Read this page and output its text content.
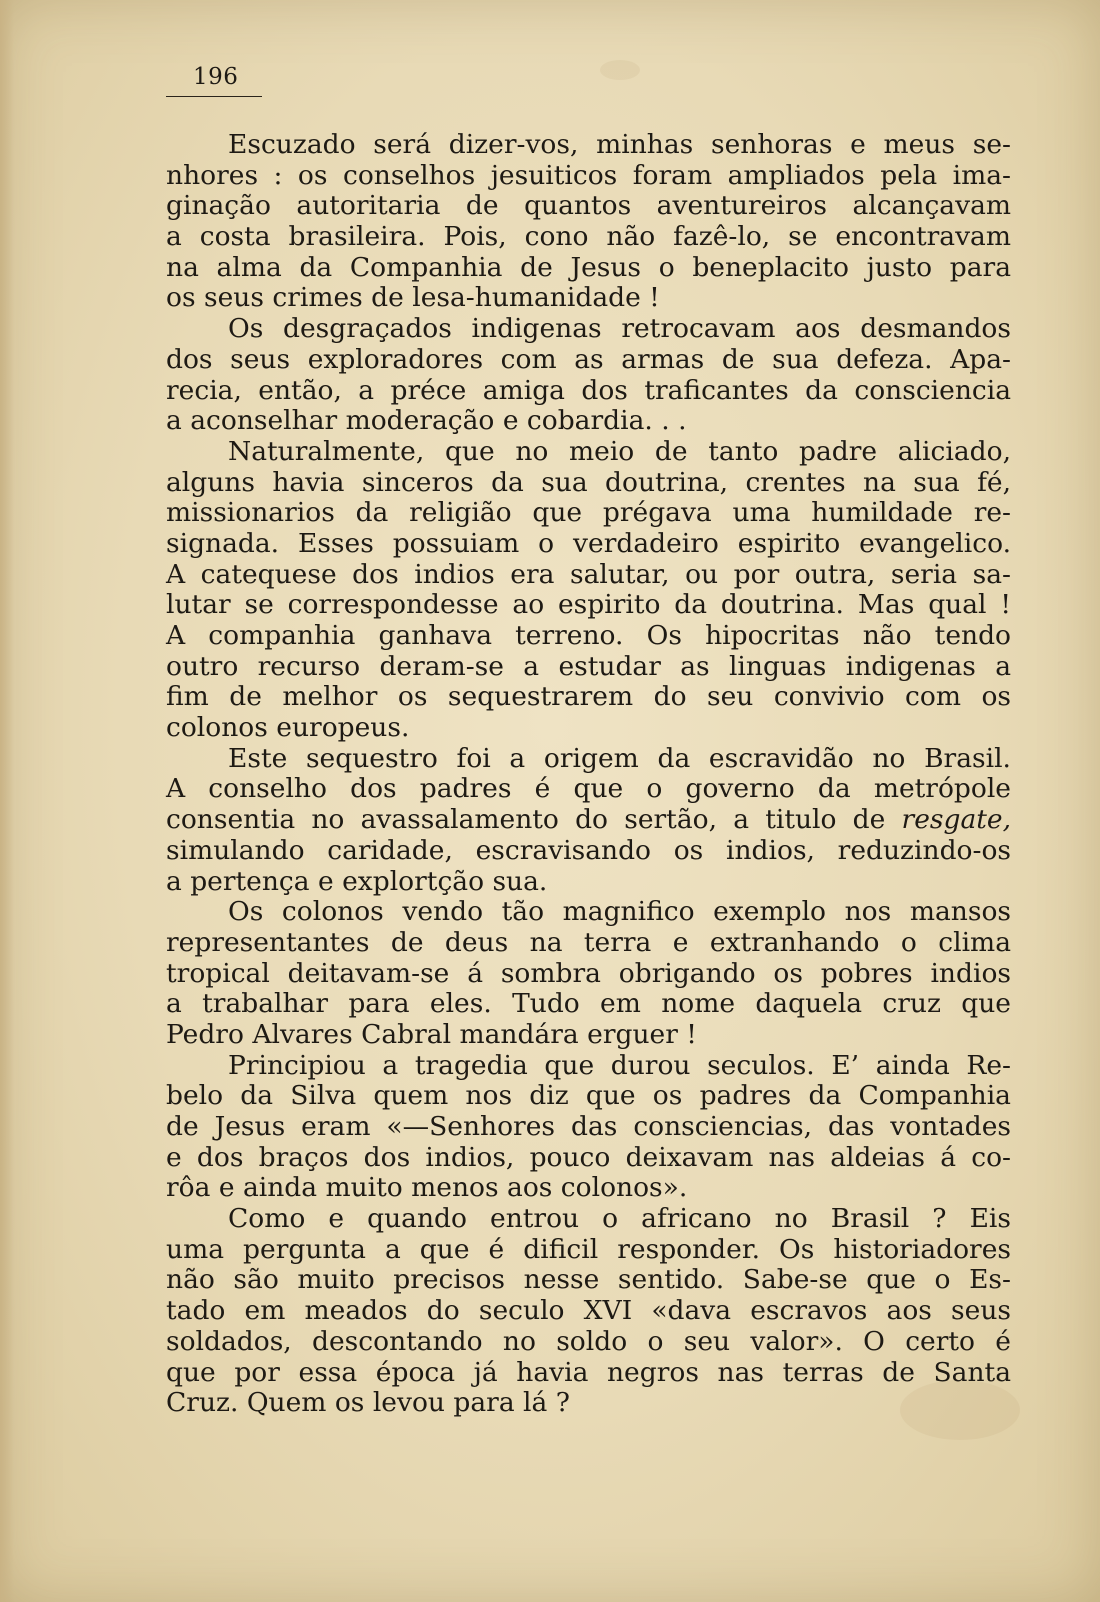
196
Escuzado será dizer-vos, minhas senhoras e meus se-
nhores : os conselhos jesuiticos foram ampliados pela ima-
ginação autoritaria de quantos aventureiros alcançavam
a costa brasileira. Pois, cono não fazê-lo, se encontravam
na alma da Companhia de Jesus o beneplacito justo para
os seus crimes de lesa-humanidade !
Os desgraçados indigenas retrocavam aos desmandos
dos seus exploradores com as armas de sua defeza. Apa-
recia, então, a préce amiga dos traficantes da consciencia
a aconselhar moderação e cobardia. . .
Naturalmente, que no meio de tanto padre aliciado,
alguns havia sinceros da sua doutrina, crentes na sua fé,
missionarios da religião que prégava uma humildade re-
signada. Esses possuiam o verdadeiro espirito evangelico.
A catequese dos indios era salutar, ou por outra, seria sa-
lutar se correspondesse ao espirito da doutrina. Mas qual !
A companhia ganhava terreno. Os hipocritas não tendo
outro recurso deram-se a estudar as linguas indigenas a
fim de melhor os sequestrarem do seu convivio com os
colonos europeus.
Este sequestro foi a origem da escravidão no Brasil.
A conselho dos padres é que o governo da metrópole
consentia no avassalamento do sertão, a titulo de resgate,
simulando caridade, escravisando os indios, reduzindo-os
a pertença e explortção sua.
Os colonos vendo tão magnifico exemplo nos mansos
representantes de deus na terra e extranhando o clima
tropical deitavam-se á sombra obrigando os pobres indios
a trabalhar para eles. Tudo em nome daquela cruz que
Pedro Alvares Cabral mandára erguer !
Principiou a tragedia que durou seculos. E’ ainda Re-
belo da Silva quem nos diz que os padres da Companhia
de Jesus eram «—Senhores das consciencias, das vontades
e dos braços dos indios, pouco deixavam nas aldeias á co-
rôa e ainda muito menos aos colonos».
Como e quando entrou o africano no Brasil ? Eis
uma pergunta a que é dificil responder. Os historiadores
não são muito precisos nesse sentido. Sabe-se que o Es-
tado em meados do seculo XVI «dava escravos aos seus
soldados, descontando no soldo o seu valor». O certo é
que por essa época já havia negros nas terras de Santa
Cruz. Quem os levou para lá ?
